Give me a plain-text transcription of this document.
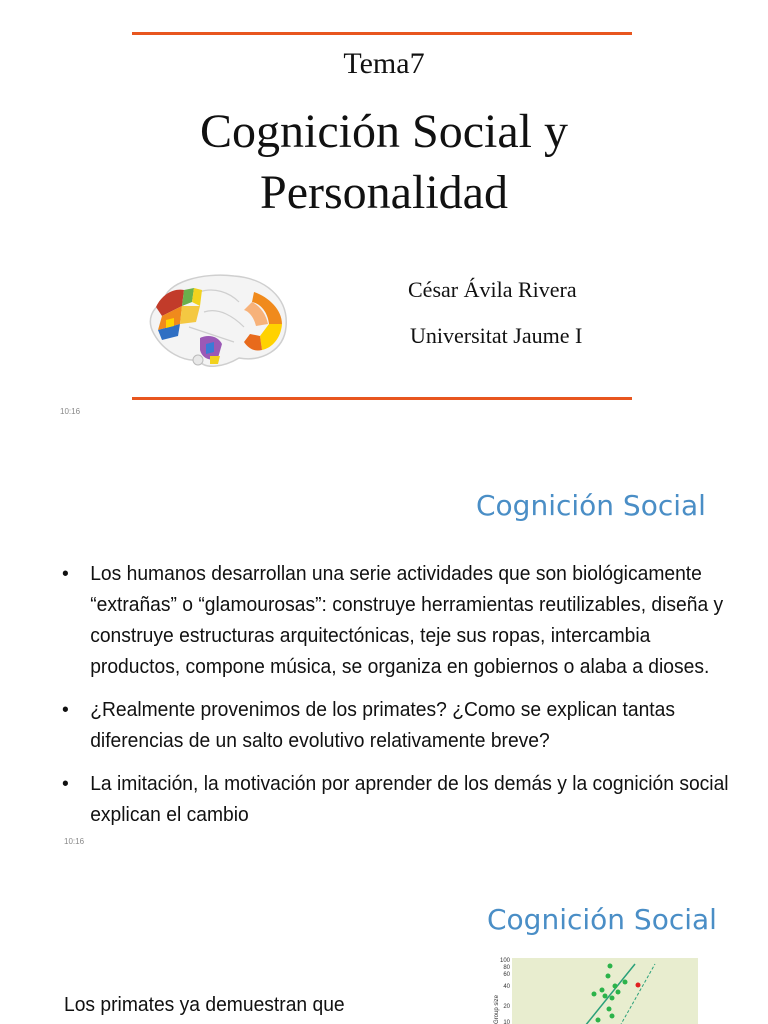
Tema7
Cognición Social y
Personalidad
César Ávila Rivera
Universitat Jaume I
10:16
Cognición Social
• Los humanos desarrollan una serie actividades que son biológicamente “extrañas” o “glamourosas”: construye herramientas reutilizables, diseña y construye estructuras arquitectónicas, teje sus ropas, intercambia productos, compone música, se organiza en gobiernos o alaba a dioses.
• ¿Realmente provenimos de los primates? ¿Como se explican tantas diferencias de un salto evolutivo relativamente breve?
• La imitación, la motivación por aprender de los demás y la cognición social explican el cambio
10:16
Cognición Social
Los primates ya demuestran que
100
80
60
40
20
10
Group size
